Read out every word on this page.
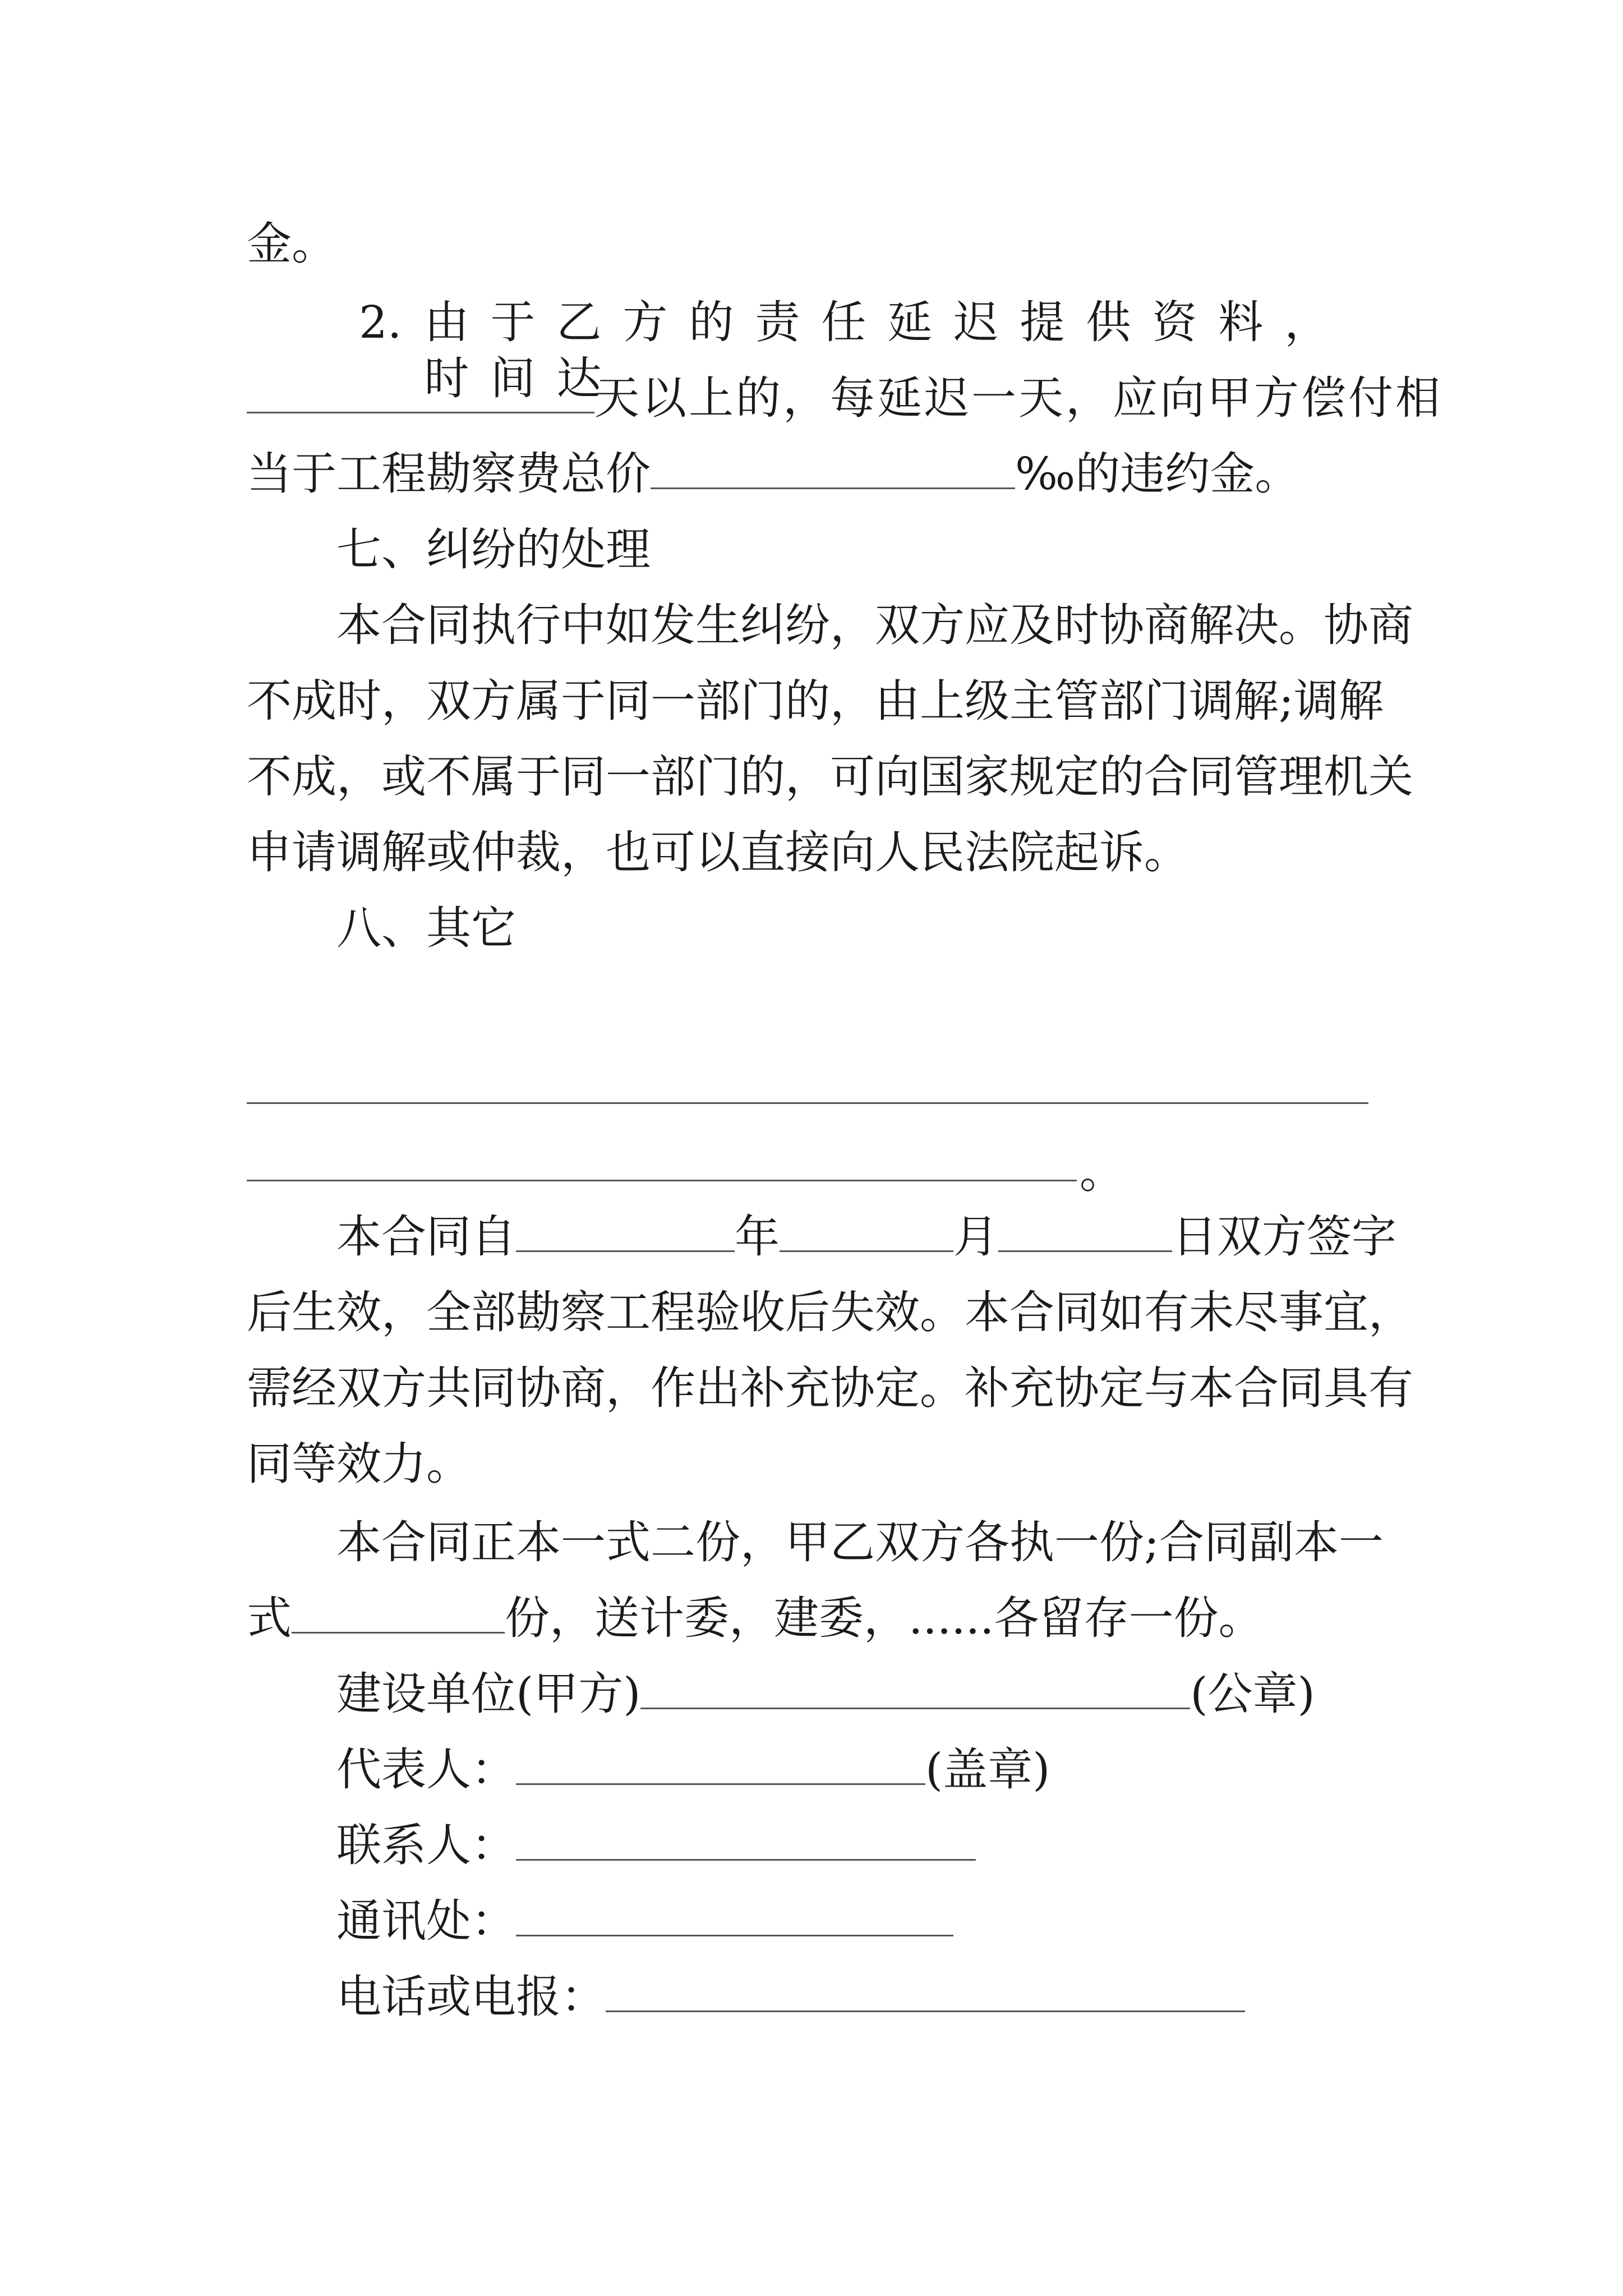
金。
2. 由于乙方的责任延迟提供资料，时间达
天以上的，每延迟一天，应向甲方偿付相
当于工程勘察费总价	‰的违约金。
七、纠纷的处理
本合同执行中如发生纠纷，双方应及时协商解决。协商
不成时，双方属于同一部门的，由上级主管部门调解;调解
不成，或不属于同一部门的，可向国家规定的合同管理机关
申请调解或仲裁，也可以直接向人民法院起诉。
八、其它
。
本合同自	年	月	日双方签字
后生效，全部勘察工程验收后失效。本合同如有未尽事宜，
需经双方共同协商，作出补充协定。补充协定与本合同具有
同等效力。
本合同正本一式二份，甲乙双方各执一份;合同副本一
式	份，送计委，建委，......各留存一份。
建设单位(甲方)	(公章)
代表人：	(盖章)
联系人：
通讯处：
电话或电报：
